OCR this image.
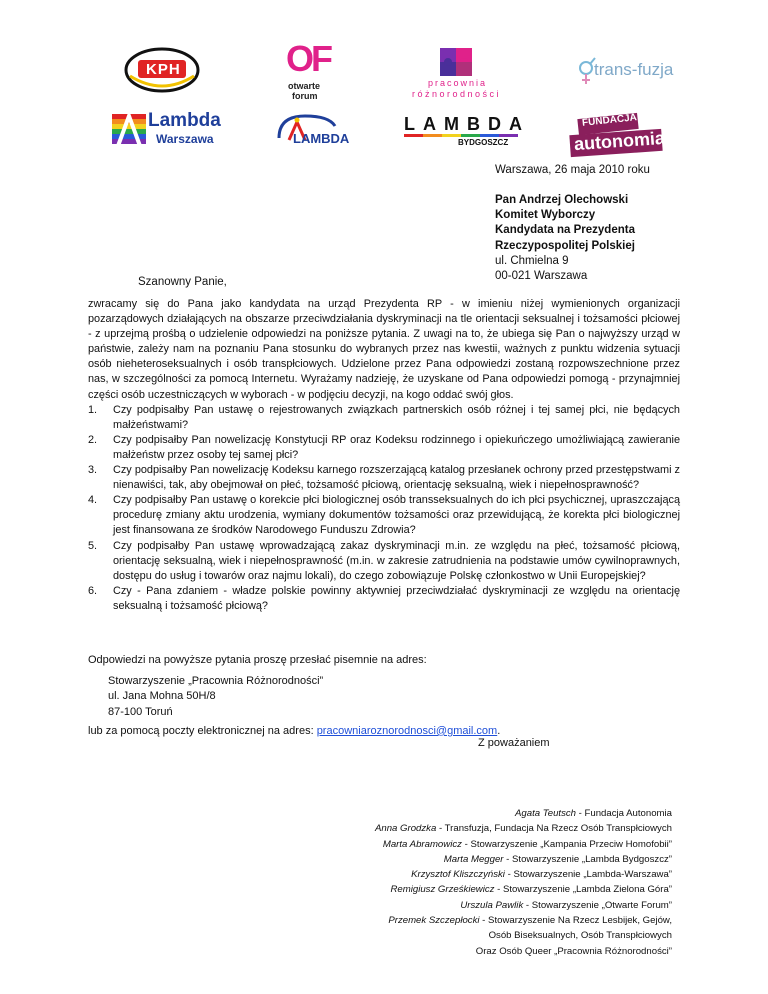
KPH	OF
otwarte
forum
pracownia
różnorodności
trans-fuzja
Lambda
Warszawa	LAMBDA
LAMBDA
BYDGOSZCZ
FUNDACJA
autonomia
Warszawa, 26 maja 2010 roku
Pan Andrzej Olechowski
Komitet Wyborczy
Kandydata na Prezydenta
Rzeczypospolitej Polskiej
ul. Chmielna 9
00-021 Warszawa
Szanowny Panie,

zwracamy się do Pana jako kandydata na urząd Prezydenta RP - w imieniu niżej wymienionych organizacji pozarządowych działających na obszarze przeciwdziałania dyskryminacji na tle orientacji seksualnej i tożsamości płciowej - z uprzejmą prośbą o udzielenie odpowiedzi na poniższe pytania. Z uwagi na to, że ubiega się Pan o najwyższy urząd w państwie, zależy nam na poznaniu Pana stosunku do wybranych przez nas kwestii, ważnych z punktu widzenia sytuacji osób nieheteroseksualnych i osób transpłciowych. Udzielone przez Pana odpowiedzi zostaną rozpowszechnione przez nas, w szczególności za pomocą Internetu. Wyrażamy nadzieję, że uzyskane od Pana odpowiedzi pomogą - przynajmniej części osób uczestniczących w wyborach - w podjęciu decyzji, na kogo oddać swój głos.

1. Czy podpisałby Pan ustawę o rejestrowanych związkach partnerskich osób różnej i tej samej płci, nie będących małżeństwami?
2. Czy podpisałby Pan nowelizację Konstytucji RP oraz Kodeksu rodzinnego i opiekuńczego umożliwiającą zawieranie małżeństw przez osoby tej samej płci?
3. Czy podpisałby Pan nowelizację Kodeksu karnego rozszerzającą katalog przesłanek ochrony przed przestępstwami z nienawiści, tak, aby obejmował on płeć, tożsamość płciową, orientację seksualną, wiek i niepełnosprawność?
4. Czy podpisałby Pan ustawę o korekcie płci biologicznej osób transseksualnych do ich płci psychicznej, upraszczającą procedurę zmiany aktu urodzenia, wymiany dokumentów tożsamości oraz przewidującą, że korekta płci biologicznej jest finansowana ze środków Narodowego Funduszu Zdrowia?
5. Czy podpisałby Pan ustawę wprowadzającą zakaz dyskryminacji m.in. ze względu na płeć, tożsamość płciową, orientację seksualną, wiek i niepełnosprawność (m.in. w zakresie zatrudnienia na podstawie umów cywilnoprawnych, dostępu do usług i towarów oraz najmu lokali), do czego zobowiązuje Polskę członkostwo w Unii Europejskiej?
6. Czy - Pana zdaniem - władze polskie powinny aktywniej przeciwdziałać dyskryminacji ze względu na orientację seksualną i tożsamość płciową?
Odpowiedzi na powyższe pytania proszę przesłać pisemnie na adres:
Stowarzyszenie „Pracownia Różnorodności”
ul. Jana Mohna 50H/8
87-100 Toruń
lub za pomocą poczty elektronicznej na adres: pracowniaroznorodnosci@gmail.com.
Z poważaniem
Agata Teutsch - Fundacja Autonomia
Anna Grodzka - Transfuzja, Fundacja Na Rzecz Osób Transpłciowych
Marta Abramowicz - Stowarzyszenie „Kampania Przeciw Homofobii”
Marta Megger - Stowarzyszenie „Lambda Bydgoszcz”
Krzysztof Kliszczyński - Stowarzyszenie „Lambda-Warszawa”
Remigiusz Grześkiewicz - Stowarzyszenie „Lambda Zielona Góra”
Urszula Pawlik - Stowarzyszenie „Otwarte Forum”
Przemek Szczepłocki - Stowarzyszenie Na Rzecz Lesbijek, Gejów,
Osób Biseksualnych, Osób Transpłciowych
Oraz Osób Queer „Pracownia Różnorodności”
